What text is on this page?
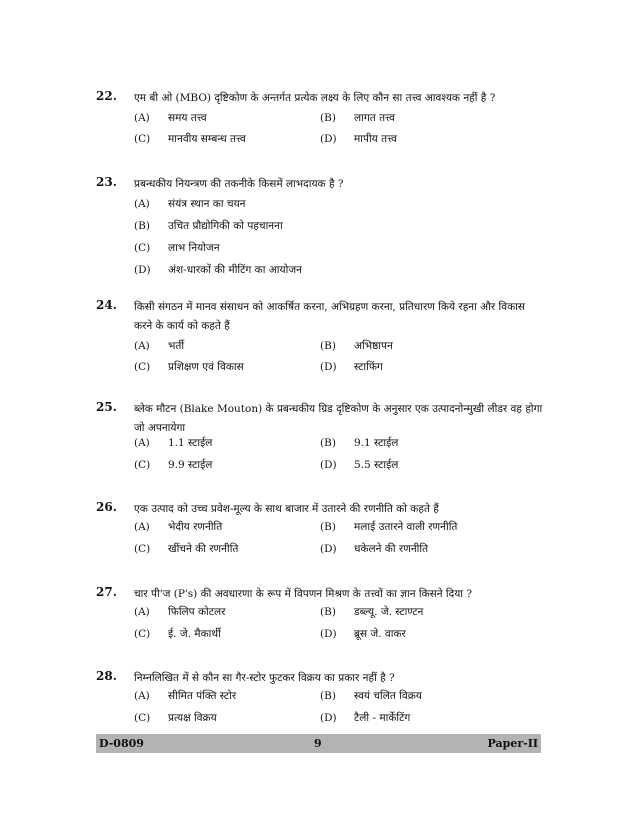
22.	एम बी ओ (MBO) दृष्टिकोण के अन्तर्गत प्रत्येक लक्ष्य के लिए कौन सा तत्त्व आवश्यक नहीं है ?
(A) समय तत्त्व	(B) लागत तत्त्व
(C) मानवीय सम्बन्ध तत्त्व	(D) मापीय तत्त्व
23.	प्रबन्धकीय नियन्त्रण की तकनीके किसमें लाभदायक है ?
(A) संयंत्र स्थान का चयन
(B) उचित प्रौद्योगिकी को पहचानना
(C) लाभ नियोजन
(D) अंश-धारकों की मीटिंग का आयोजन
24.	किसी संगठन में मानव संसाधन को आकर्षित करना, अभिग्रहण करना, प्रतिधारण किये रहना और विकास करने के कार्य को कहते हैं
(A) भर्ती	(B) अभिष्ठापन
(C) प्रशिक्षण एवं विकास	(D) स्टाफिंग
25.	ब्लेक मौटन (Blake Mouton) के प्रबन्धकीय ग्रिड दृष्टिकोण के अनुसार एक उत्पादनोन्मुखी लीडर वह होगा जो अपनायेगा
(A) 1.1 स्टाईल	(B) 9.1 स्टाईल
(C) 9.9 स्टाईल	(D) 5.5 स्टाईल
26.	एक उत्पाद को उच्च प्रवेश-मूल्य के साथ बाजार में उतारने की रणनीति को कहते हैं
(A) भेदीय रणनीति	(B) मलाई उतारने वाली रणनीति
(C) खींचने की रणनीति	(D) धकेलने की रणनीति
27.	चार पी'ज (P's) की अवधारणा के रूप में विपणन मिश्रण के तत्त्वों का ज्ञान किसने दिया ?
(A) फिलिप कोटलर	(B) डब्ल्यू. जे. स्टाण्टन
(C) ई. जे. मैकार्थी	(D) ब्रूस जे. वाकर
28.	निम्नलिखित में से कौन सा गैर-स्टोर फुटकर विक्रय का प्रकार नहीं है ?
(A) सीमित पंक्ति स्टोर	(B) स्वयं चलित विक्रय
(C) प्रत्यक्ष विक्रय	(D) टैली - मार्केटिंग
D-0809	9	Paper-II
